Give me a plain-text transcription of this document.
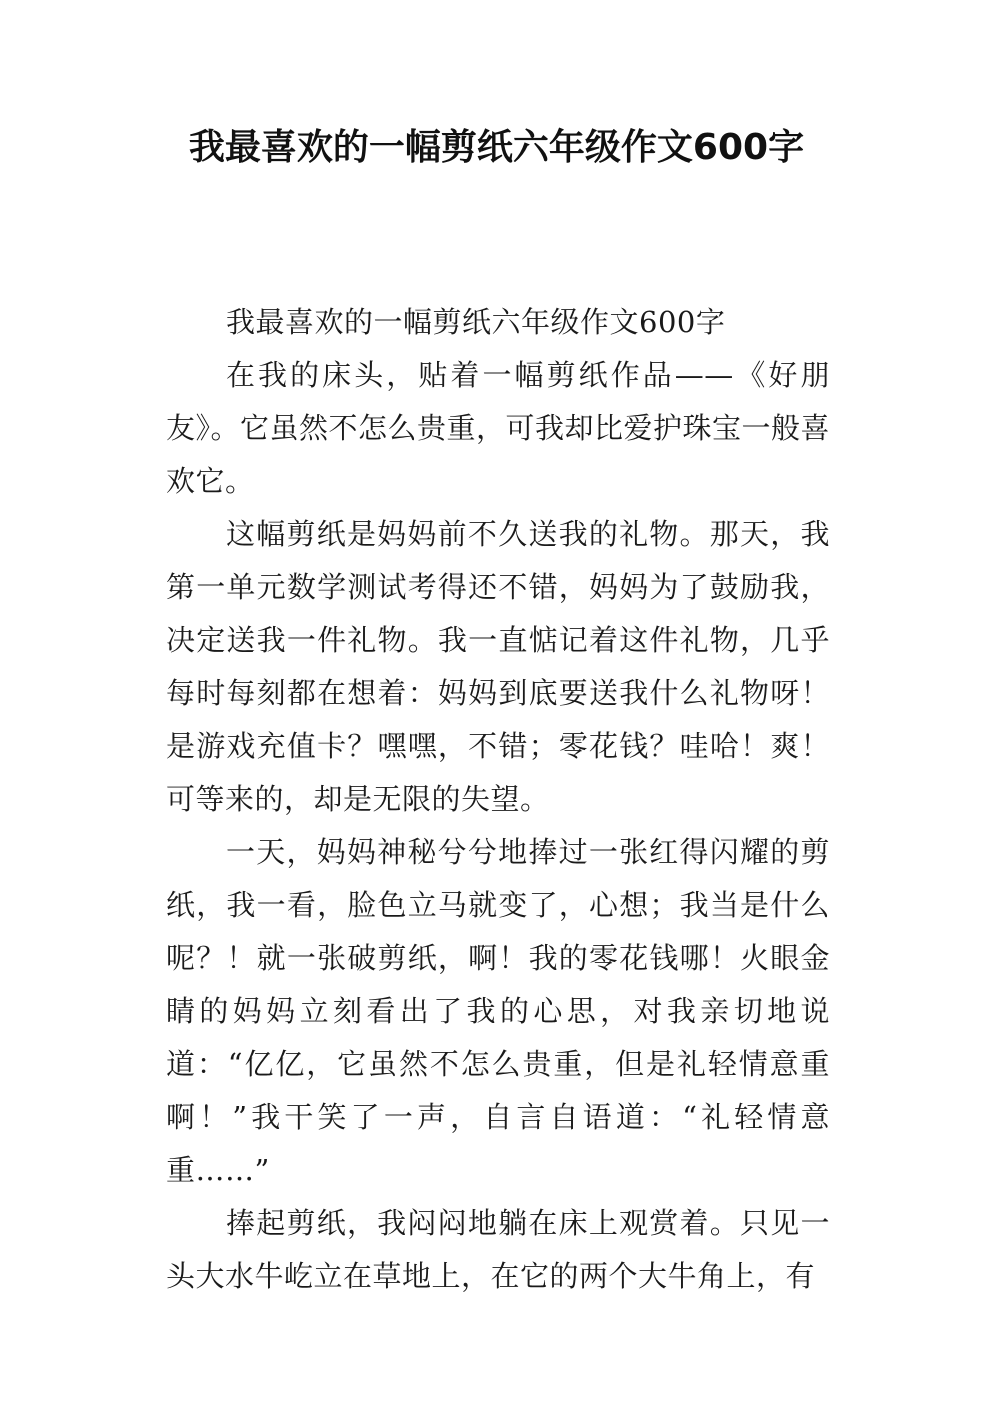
我最喜欢的一幅剪纸六年级作文600字

我最喜欢的一幅剪纸六年级作文600字

在我的床头，贴着一幅剪纸作品——《好朋友》。它虽然不怎么贵重，可我却比爱护珠宝一般喜欢它。

这幅剪纸是妈妈前不久送我的礼物。那天，我第一单元数学测试考得还不错，妈妈为了鼓励我，决定送我一件礼物。我一直惦记着这件礼物，几乎每时每刻都在想着：妈妈到底要送我什么礼物呀！是游戏充值卡？嘿嘿，不错；零花钱？哇哈！爽！可等来的，却是无限的失望。

一天，妈妈神秘兮兮地捧过一张红得闪耀的剪纸，我一看，脸色立马就变了，心想；我当是什么呢？！就一张破剪纸，啊！我的零花钱哪！火眼金睛的妈妈立刻看出了我的心思，对我亲切地说道：“亿亿，它虽然不怎么贵重，但是礼轻情意重啊！”我干笑了一声，自言自语道：“礼轻情意重……”

捧起剪纸，我闷闷地躺在床上观赏着。只见一头大水牛屹立在草地上，在它的两个大牛角上，有
